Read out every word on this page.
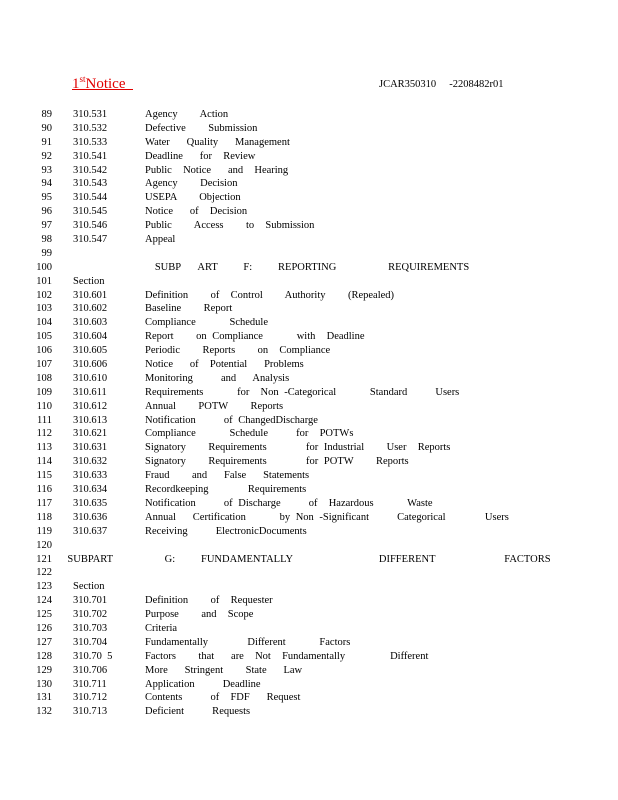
1stNotice	JCAR350310     -2208482r01
89 310.531	Agency    Action
90 310.532	Defective    Submission
91 310.533	Water   Quality   Management
92 310.541	Deadline   for  Review
93 310.542	Public  Notice   and  Hearing
94 310.543	Agency    Decision
95 310.544	USEPA    Objection
96 310.545	Notice   of  Decision
97 310.546	Public    Access    to  Submission
98 310.547	Appeal
99
100	SUBP  ART   F:   REPORTING      REQUIREMENTS
101 Section
102 310.601	Definition    of  Control    Authority    (Repealed)
103 310.602	Baseline    Report
104 310.603	Compliance      Schedule
105 310.604	Report    on Compliance      with  Deadline
106 310.605	Periodic    Reports    on  Compliance
107 310.606	Notice   of  Potential   Problems
108 310.610	Monitoring     and   Analysis
109 310.611	Requirements      for  Non -Categorical      Standard     Users
110 310.612	Annual    POTW    Reports
111 310.613	Notification     of ChangedDischarge
112 310.621	Compliance      Schedule     for  POTWs
113 310.631	Signatory    Requirements       for Industrial    User  Reports
114 310.632	Signatory    Requirements       for POTW    Reports
115 310.633	Fraud    and   False   Statements
116 310.634	Recordkeeping       Requirements
117 310.635	Notification     of Discharge     of  Hazardous      Waste
118 310.636	Annual   Certification      by Non -Significant     Categorical       Users
119 310.637	Receiving     ElectronicDocuments
120
121	SUBPART      G:   FUNDAMENTALLY          DIFFERENT        FACTORS
122
123 Section
124 310.701	Definition    of  Requester
125 310.702	Purpose    and  Scope
126 310.703	Criteria
127 310.704	Fundamentally       Different      Factors
128 310.70  5	Factors    that   are  Not  Fundamentally        Different
129 310.706	More   Stringent    State   Law
130 310.711	Application     Deadline
131 310.712	Contents     of  FDF   Request
132 310.713	Deficient     Requests
